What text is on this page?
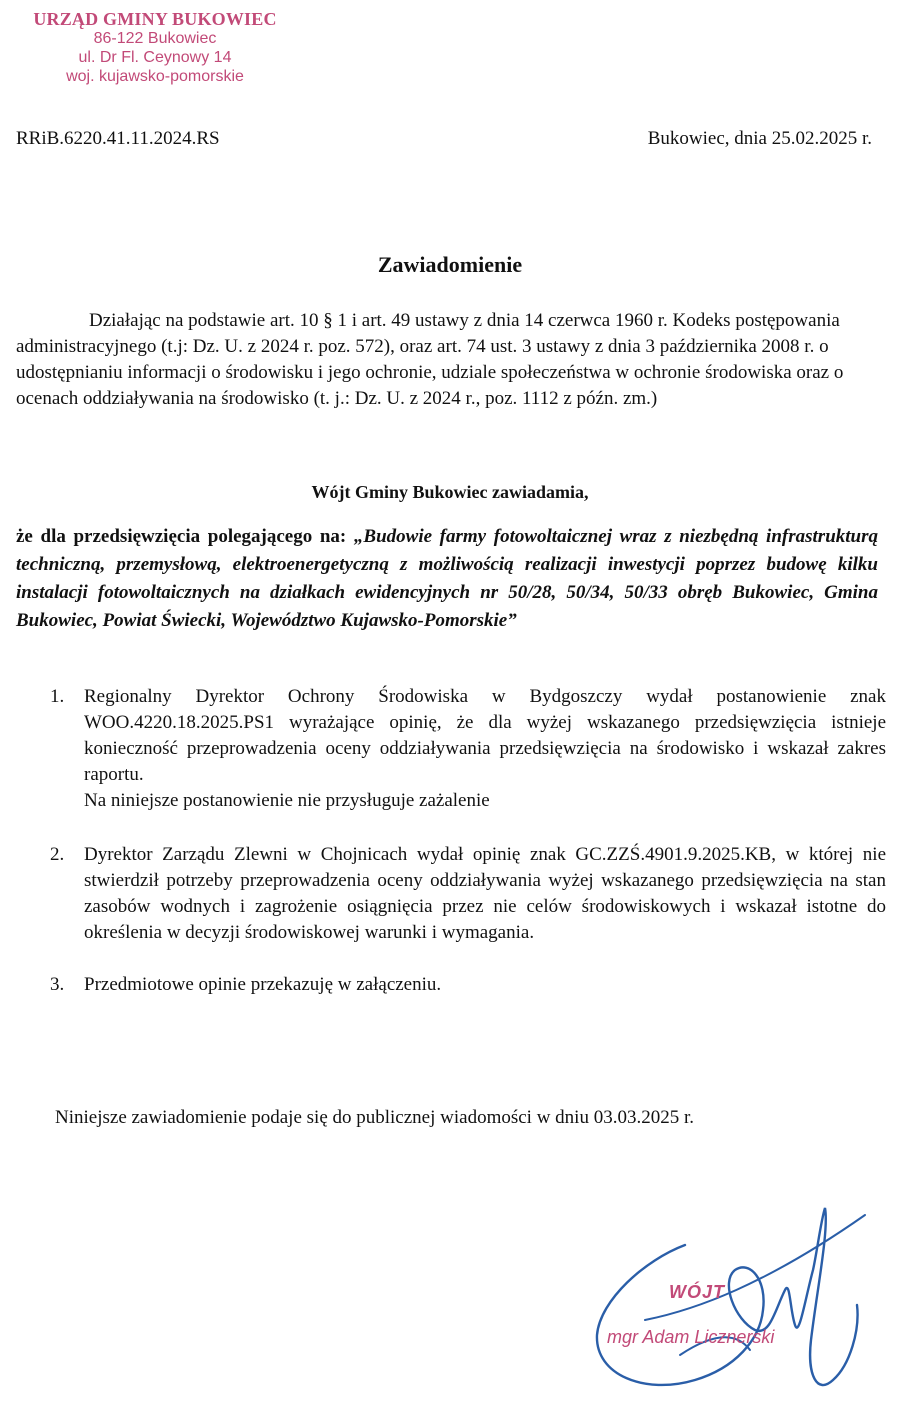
URZĄD GMINY BUKOWIEC
86-122 Bukowiec
ul. Dr Fl. Ceynowy 14
woj. kujawsko-pomorskie
RRiB.6220.41.11.2024.RS	Bukowiec, dnia 25.02.2025 r.
Zawiadomienie

Działając na podstawie art. 10 § 1 i art. 49 ustawy z dnia 14 czerwca 1960 r. Kodeks postępowania administracyjnego (t.j: Dz. U. z 2024 r. poz. 572), oraz art. 74 ust. 3 ustawy z dnia 3 października 2008 r. o udostępnianiu informacji o środowisku i jego ochronie, udziale społeczeństwa w ochronie środowiska oraz o ocenach oddziaływania na środowisko (t. j.: Dz. U. z 2024 r., poz. 1112 z późn. zm.)

Wójt Gminy Bukowiec zawiadamia,

że dla przedsięwzięcia polegającego na: „Budowie farmy fotowoltaicznej wraz z niezbędną infrastrukturą techniczną, przemysłową, elektroenergetyczną z możliwością realizacji inwestycji poprzez budowę kilku instalacji fotowoltaicznych na działkach ewidencyjnych nr 50/28, 50/34, 50/33 obręb Bukowiec, Gmina Bukowiec, Powiat Świecki, Województwo Kujawsko-Pomorskie”

1. Regionalny Dyrektor Ochrony Środowiska w Bydgoszczy wydał postanowienie znak WOO.4220.18.2025.PS1 wyrażające opinię, że dla wyżej wskazanego przedsięwzięcia istnieje konieczność przeprowadzenia oceny oddziaływania przedsięwzięcia na środowisko i wskazał zakres raportu.
Na niniejsze postanowienie nie przysługuje zażalenie
2. Dyrektor Zarządu Zlewni w Chojnicach wydał opinię znak GC.ZZŚ.4901.9.2025.KB, w której nie stwierdził potrzeby przeprowadzenia oceny oddziaływania wyżej wskazanego przedsięwzięcia na stan zasobów wodnych i zagrożenie osiągnięcia przez nie celów środowiskowych i wskazał istotne do określenia w decyzji środowiskowej warunki i wymagania.
3. Przedmiotowe opinie przekazuję w załączeniu.
Niniejsze zawiadomienie podaje się do publicznej wiadomości w dniu 03.03.2025 r.
WÓJT
mgr Adam Licznerski
